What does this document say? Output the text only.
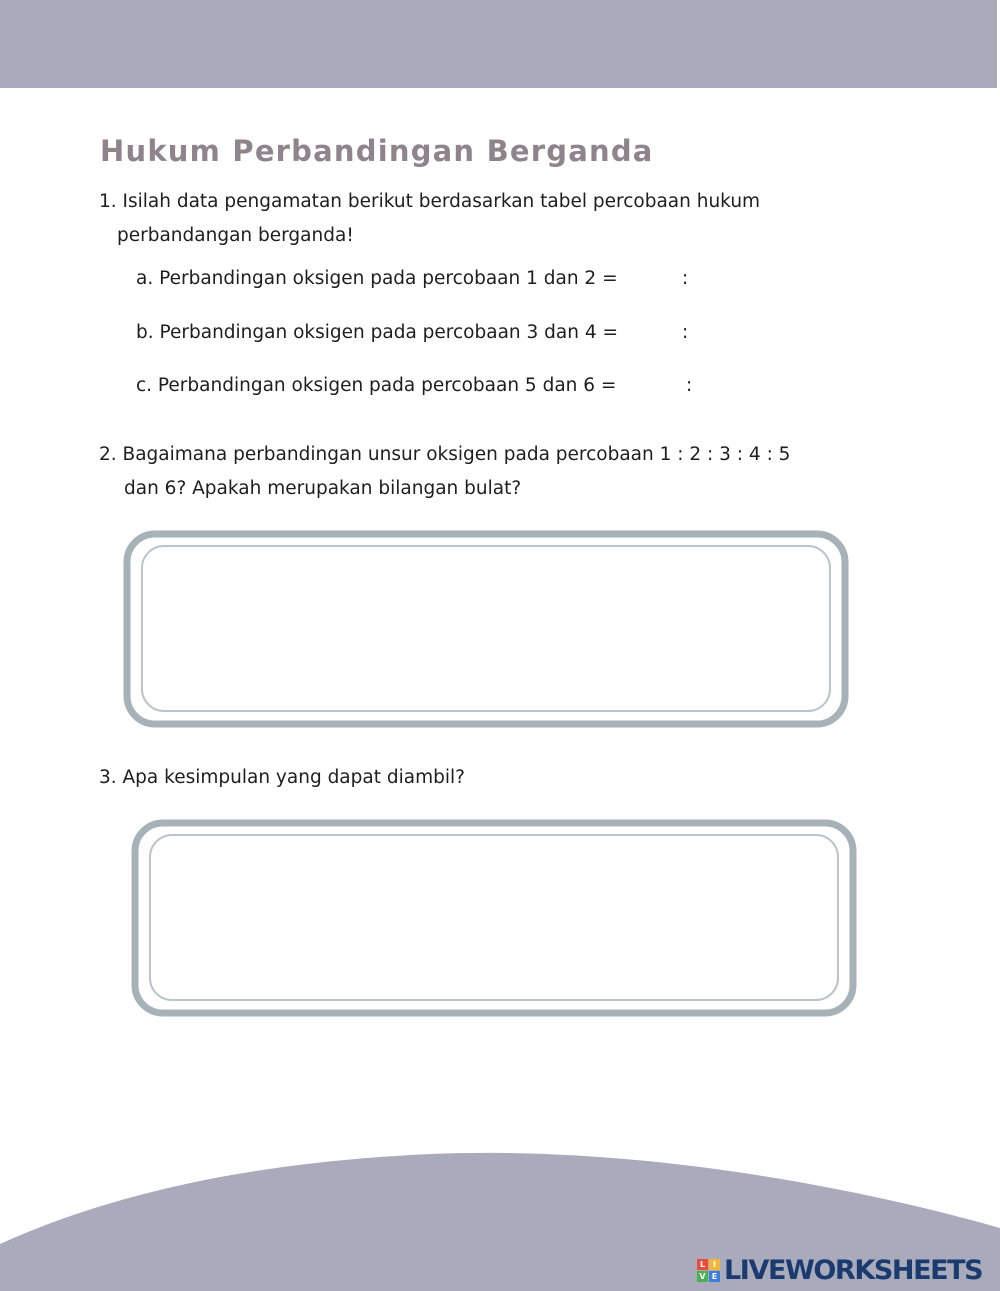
Hukum Perbandingan Berganda
1. Isilah data pengamatan berikut berdasarkan tabel percobaan hukum
perbandangan berganda!
a. Perbandingan oksigen pada percobaan 1 dan 2 =	:
b. Perbandingan oksigen pada percobaan 3 dan 4 =	:
c. Perbandingan oksigen pada percobaan 5 dan 6 =	:
2. Bagaimana perbandingan unsur oksigen pada percobaan 1 : 2 : 3 : 4 : 5
dan 6? Apakah merupakan bilangan bulat?
3. Apa kesimpulan yang dapat diambil?
L I
V E LIVEWORKSHEETS
